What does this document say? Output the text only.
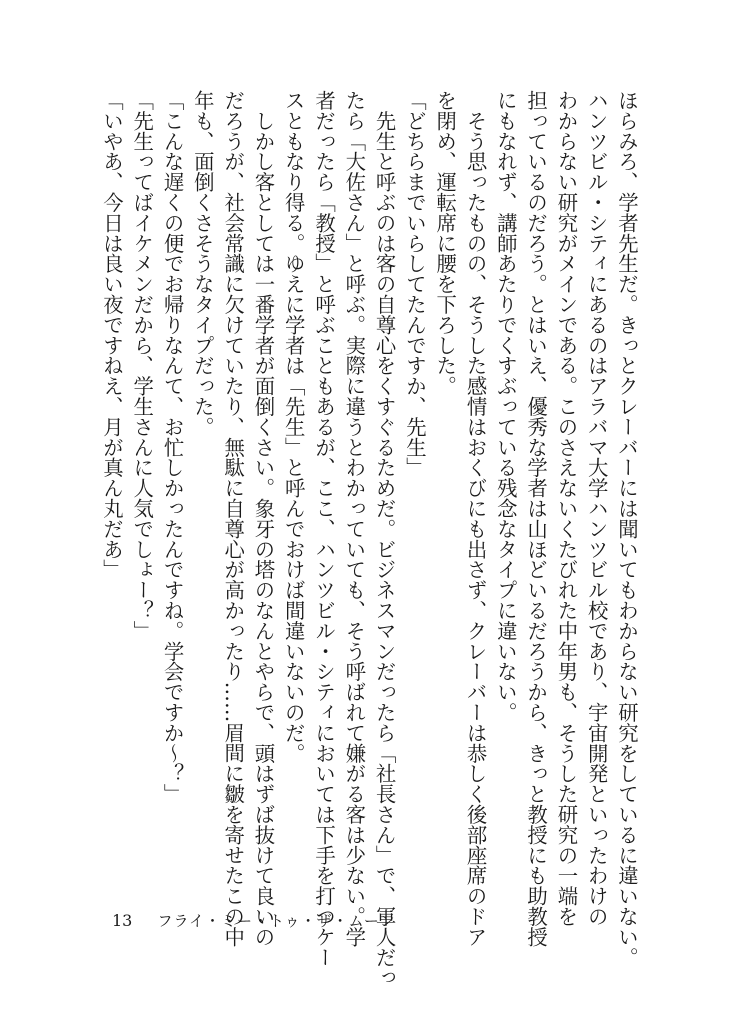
ほらみろ、学者先生だ。きっとクレーバーには聞いてもわからない研究をしているに違いない。

ハンツビル・シティにあるのはアラバマ大学ハンツビル校であり、宇宙開発といったわけの

わからない研究がメインである。このさえないくたびれた中年男も、そうした研究の一端を

担っているのだろう。とはいえ、優秀な学者は山ほどいるだろうから、きっと教授にも助教授

にもなれず、講師あたりでくすぶっている残念なタイプに違いない。

　そう思ったものの、そうした感情はおくびにも出さず、クレーバーは恭しく後部座席のドア

を閉め、運転席に腰を下ろした。

「どちらまでいらしてたんですか、先生」

　先生と呼ぶのは客の自尊心をくすぐるためだ。ビジネスマンだったら「社長さん」で、軍人だっ

たら「大佐さん」と呼ぶ。実際に違うとわかっていても、そう呼ばれて嫌がる客は少ない。学

者だったら「教授」と呼ぶこともあるが、ここ、ハンツビル・シティにおいては下手を打つケー

スともなり得る。ゆえに学者は「先生」と呼んでおけば間違いないのだ。

　しかし客としては一番学者が面倒くさい。象牙の塔のなんとやらで、頭はずば抜けて良いの

だろうが、社会常識に欠けていたり、無駄に自尊心が高かったり……眉間に皺を寄せたこの中

年も、面倒くさそうなタイプだった。

「こんな遅くの便でお帰りなんて、お忙しかったんですね。学会ですか～？」

「先生ってばイケメンだから、学生さんに人気でしょー？」

「いやあ、今日は良い夜ですねえ、月が真ん丸だあ」

13 フライ・ミー・トゥ・ザ・ムーン
